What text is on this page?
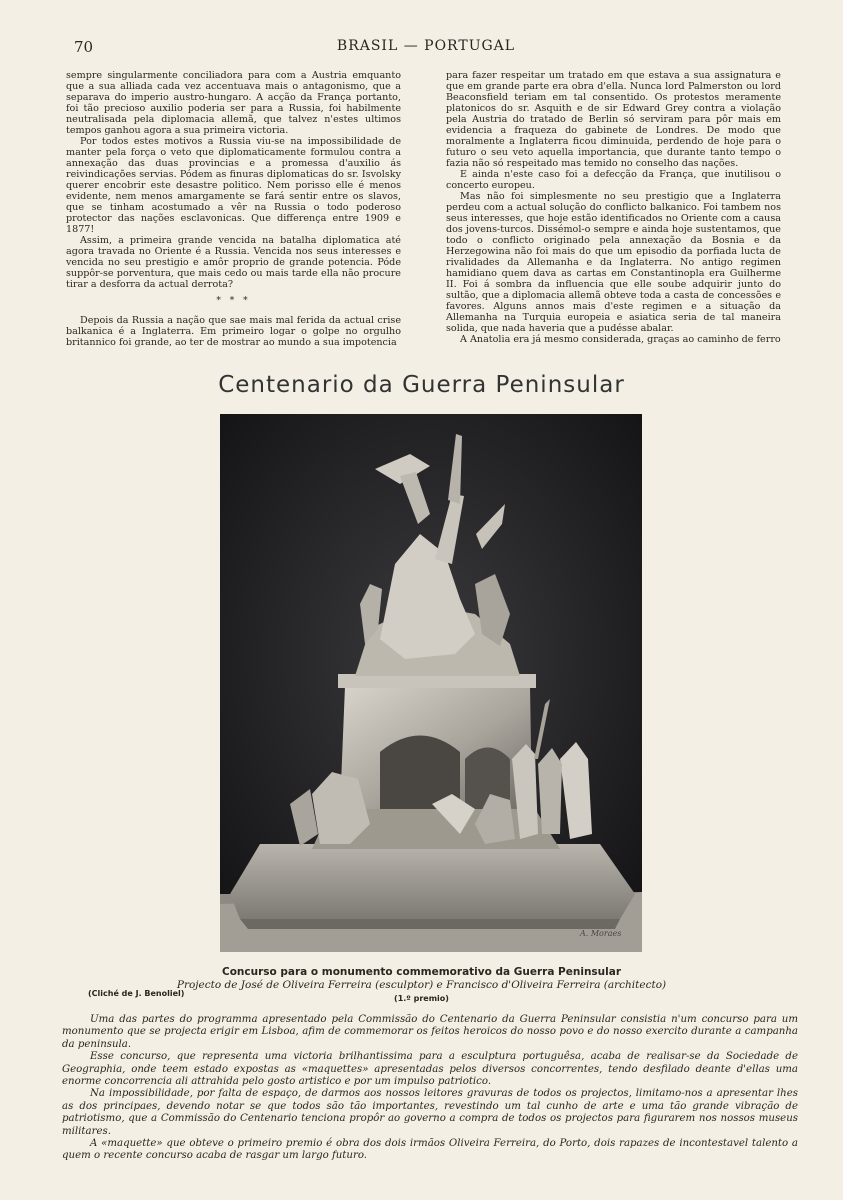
70	BRASIL — PORTUGAL

sempre singularmente conciliadora para com a Austria emquanto que a sua alliada cada vez accentuava mais o antagonismo, que a separava do imperio austro-hungaro. A acção da França portanto, foi tão precioso auxilio poderia ser para a Russia, foi habilmente neutralisada pela diplomacia allemã, que talvez n'estes ultimos tempos ganhou agora a sua primeira victoria.

Por todos estes motivos a Russia viu-se na impossibilidade de manter pela força o veto que diplomaticamente formulou contra a annexação das duas provincias e a promessa d'auxilio ás reivindicações servias. Pódem as finuras diplomaticas do sr. Isvolsky querer encobrir este desastre politico. Nem porisso elle é menos evidente, nem menos amargamente se fará sentir entre os slavos, que se tinham acostumado a vêr na Russia o todo poderoso protector das nações esclavonicas. Que differença entre 1909 e 1877!

Assim, a primeira grande vencida na batalha diplomatica até agora travada no Oriente é a Russia. Vencida nos seus interesses e vencida no seu prestigio e amôr proprio de grande potencia. Póde suppôr-se porventura, que mais cedo ou mais tarde ella não procure tirar a desforra da actual derrota?

* * *

Depois da Russia a nação que sae mais mal ferida da actual crise balkanica é a Inglaterra. Em primeiro logar o golpe no orgulho britannico foi grande, ao ter de mostrar ao mundo a sua impotencia

para fazer respeitar um tratado em que estava a sua assignatura e que em grande parte era obra d'ella. Nunca lord Palmerston ou lord Beaconsfield teriam em tal consentido. Os protestos meramente platonicos do sr. Asquith e de sir Edward Grey contra a violação pela Austria do tratado de Berlin só serviram para pôr mais em evidencia a fraqueza do gabinete de Londres. De modo que moralmente a Inglaterra ficou diminuida, perdendo de hoje para o futuro o seu veto aquella importancia, que durante tanto tempo o fazia não só respeitado mas temido no conselho das nações.

E ainda n'este caso foi a defecção da França, que inutilisou o concerto europeu.

Mas não foi simplesmente no seu prestigio que a Inglaterra perdeu com a actual solução do conflicto balkanico. Foi tambem nos seus interesses, que hoje estão identificados no Oriente com a causa dos jovens-turcos. Dissémol-o sempre e ainda hoje sustentamos, que todo o conflicto originado pela annexação da Bosnia e da Herzegowina não foi mais do que um episodio da porfiada lucta de rivalidades da Allemanha e da Inglaterra. No antigo regimen hamidiano quem dava as cartas em Constantinopla era Guilherme II. Foi á sombra da influencia que elle soube adquirir junto do sultão, que a diplomacia allemã obteve toda a casta de concessões e favores. Alguns annos mais d'este regimen e a situação da Allemanha na Turquia europeia e asiatica seria de tal maneira solida, que nada haveria que a pudésse abalar.

A Anatolia era já mesmo considerada, graças ao caminho de ferro

Centenario da Guerra Peninsular
A. Moraes
Concurso para o monumento commemorativo da Guerra Peninsular
Projecto de José de Oliveira Ferreira (esculptor) e Francisco d'Oliveira Ferreira (architecto)
(Cliché de J. Benoliel)
(1.º premio)

Uma das partes do programma apresentado pela Commissão do Centenario da Guerra Peninsular consistia n'um concurso para um monumento que se projecta erigir em Lisboa, afim de commemorar os feitos heroicos do nosso povo e do nosso exercito durante a campanha da peninsula.

Esse concurso, que representa uma victoria brilhantissima para a esculptura portuguêsa, acaba de realisar-se da Sociedade de Geographia, onde teem estado expostas as «maquettes» apresentadas pelos diversos concorrentes, tendo desfilado deante d'ellas uma enorme concorrencia ali attrahida pelo gosto artistico e por um impulso patriotico.

Na impossibilidade, por falta de espaço, de darmos aos nossos leitores gravuras de todos os projectos, limitamo-nos a apresentar lhes as dos principaes, devendo notar se que todos são tão importantes, revestindo um tal cunho de arte e uma tão grande vibração de patriotismo, que a Commissão do Centenario tenciona propôr ao governo a compra de todos os projectos para figurarem nos nossos museus militares.

A «maquette» que obteve o primeiro premio é obra dos dois irmãos Oliveira Ferreira, do Porto, dois rapazes de incontestavel talento a quem o recente concurso acaba de rasgar um largo futuro.
